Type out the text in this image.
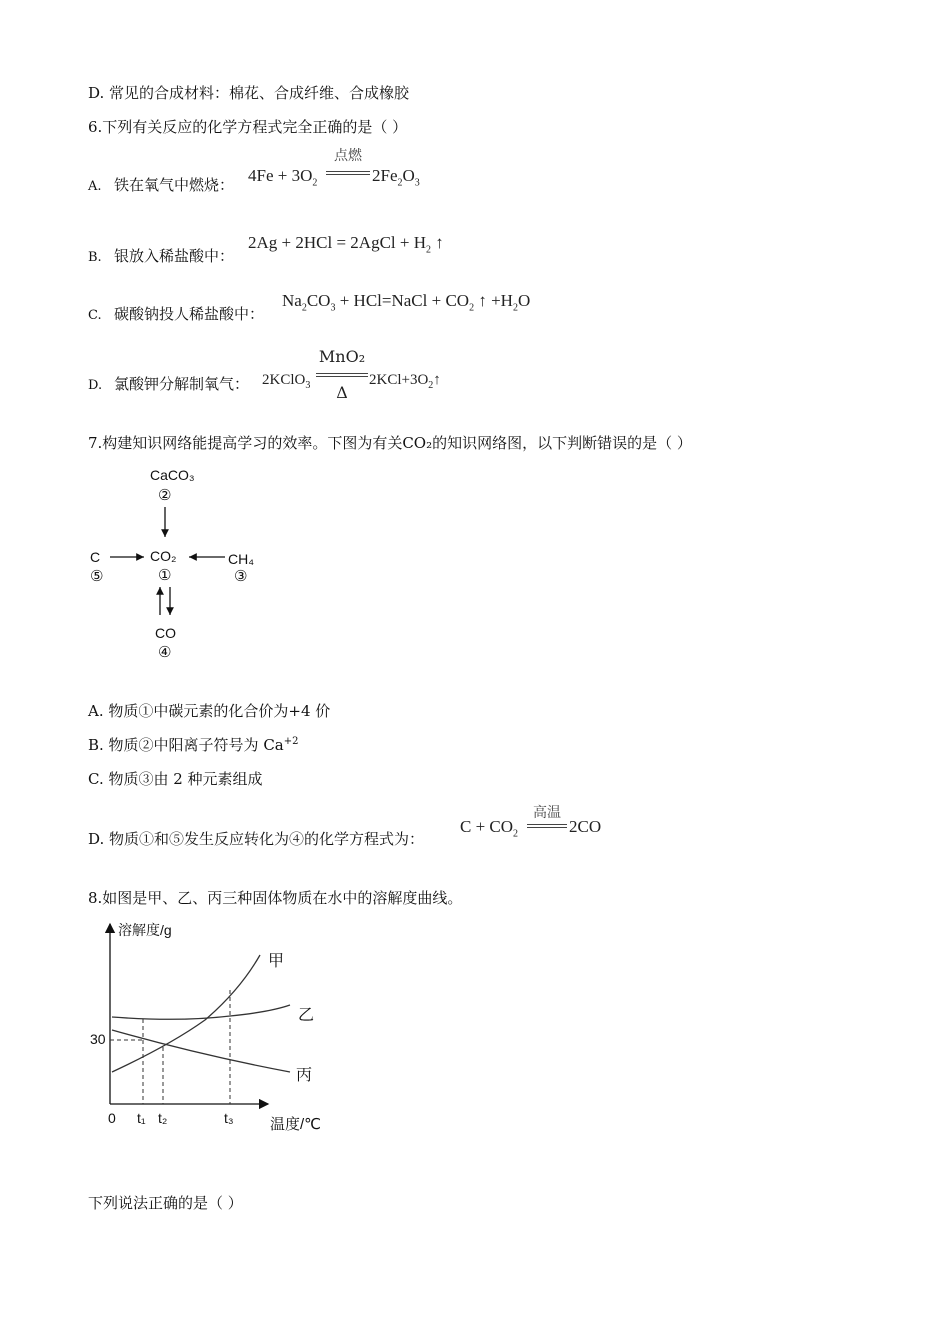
D. 常见的合成材料：棉花、合成纤维、合成橡胶
6.下列有关反应的化学方程式完全正确的是（ ）
A. 铁在氧气中燃烧： $4Fe + 3O_2$
点燃
$2Fe_2O_3$
B. 银放入稀盐酸中：
2Ag + 2HCl = 2AgCl + $H_2$ ↑
C. 碳酸钠投人稀盐酸中：
$Na_2CO_3$ + HCl=NaCl + $CO_2$ ↑ $+H_2O$
D. 氯酸钾分解制氧气： 2KClO$_3$
MnO₂
Δ
$2KCl+3O_2↑$
7.构建知识网络能提高学习的效率。下图为有关CO₂的知识网络图，以下判断错误的是（ ）
CaCO₃
②
C
⑤
CO₂
①
CH₄
③
CO
④
A. 物质①中碳元素的化合价为+4 价
B. 物质②中阳离子符号为 $Ca^{+2}$
C. 物质③由 2 种元素组成
D. 物质①和⑤发生反应转化为④的化学方程式为：
$C + CO_2$
高温
2CO
8.如图是甲、乙、丙三种固体物质在水中的溶解度曲线。
溶解度/g
30
0 t₁ t₂	t₃ 温度/℃
甲
乙
丙
下列说法正确的是（ ）
